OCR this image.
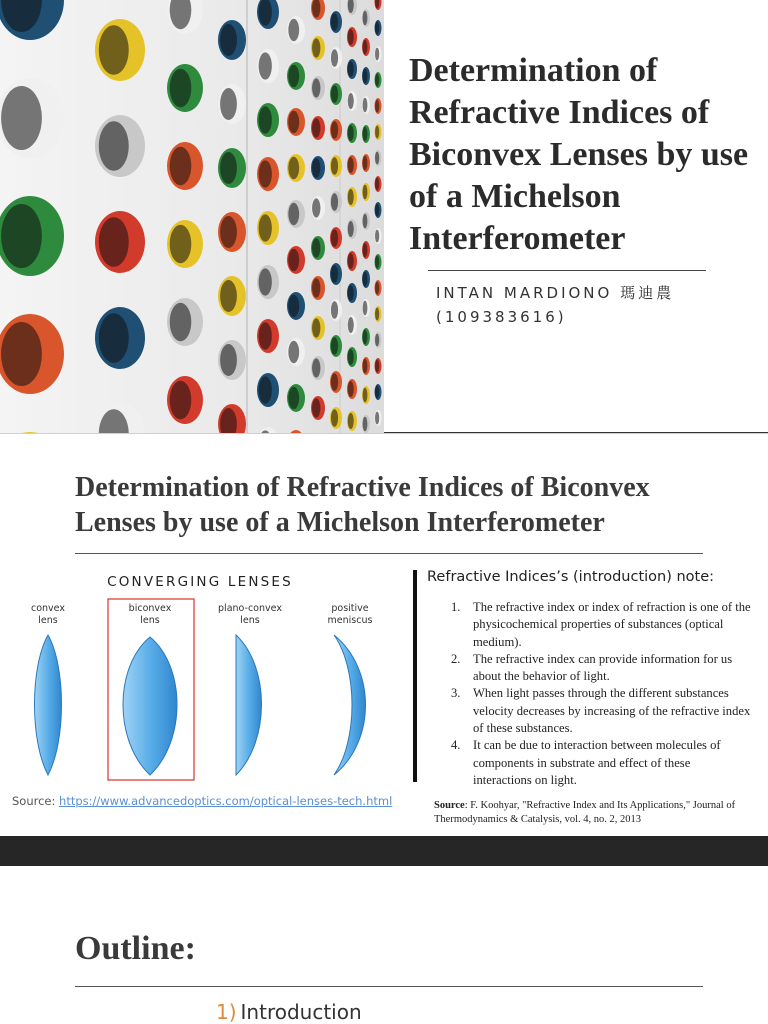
Determination of Refractive Indices of Biconvex Lenses by use of a Michelson Interferometer
INTAN MARDIONO 瑪迪農
(109383616)
Determination of Refractive Indices of Biconvex Lenses by use of a Michelson Interferometer
CONVERGING LENSES
convex
lens
biconvex
lens
plano-convex
lens
positive
meniscus
Source: https://www.advancedoptics.com/optical-lenses-tech.html
Refractive Indices’s (introduction) note:
1. The refractive index or index of refraction is one of the physicochemical properties of substances (optical medium).
2. The refractive index can provide information for us about the behavior of light.
3. When light passes through the different substances velocity decreases by increasing of the refractive index of these substances.
4. It can be due to interaction between molecules of components in substrate and effect of these interactions on light.
Source: F. Koohyar, "Refractive Index and Its Applications," Journal of Thermodynamics & Catalysis, vol. 4, no. 2, 2013
Outline:
1) Introduction
